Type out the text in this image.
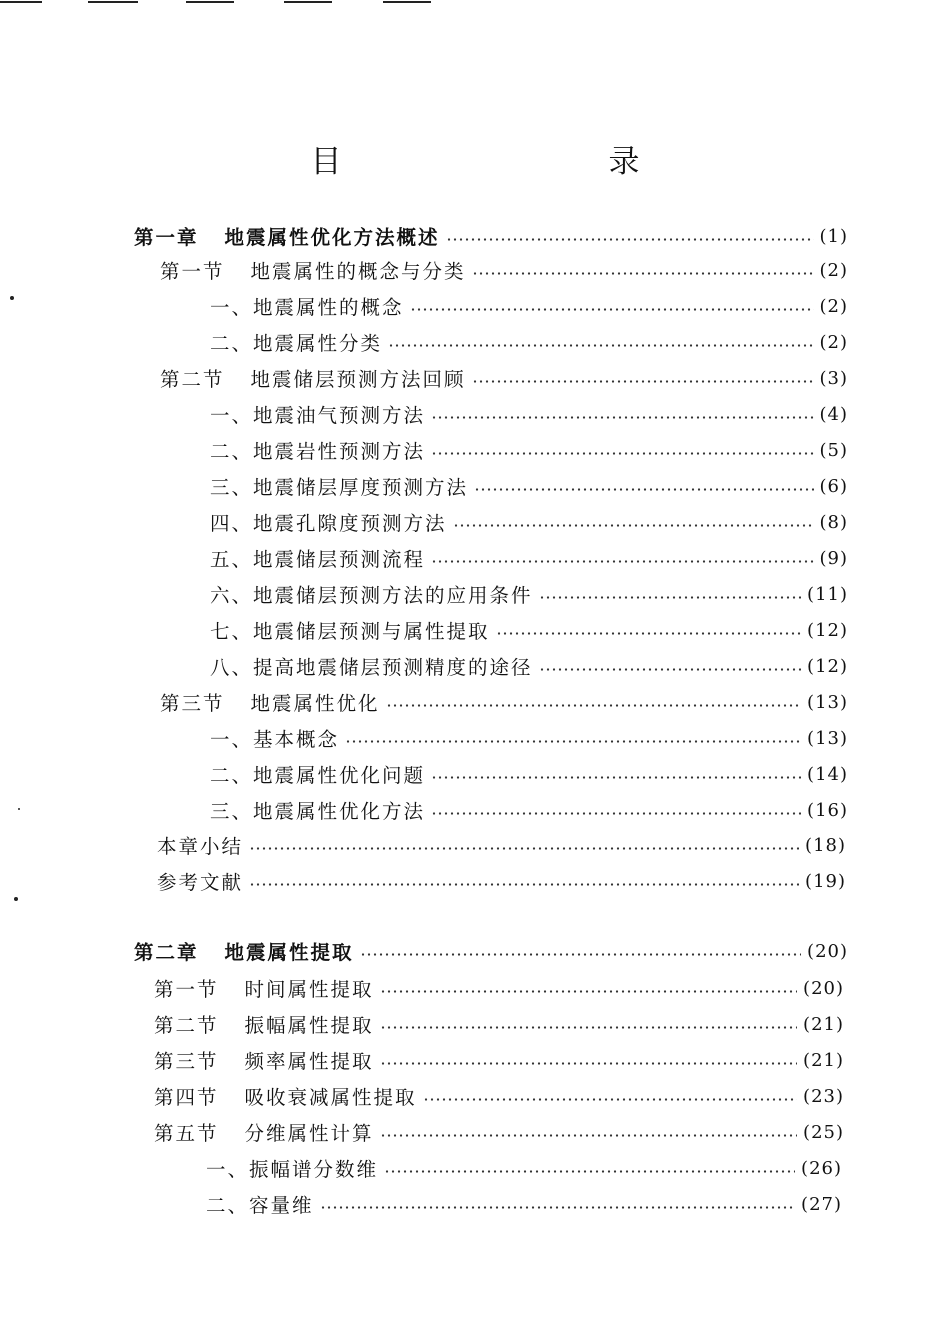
目　录
第一章 地震属性优化方法概述	(1)
第一节 地震属性的概念与分类	(2)
一、地震属性的概念	(2)
二、地震属性分类	(2)
第二节 地震储层预测方法回顾	(3)
一、地震油气预测方法	(4)
二、地震岩性预测方法	(5)
三、地震储层厚度预测方法	(6)
四、地震孔隙度预测方法	(8)
五、地震储层预测流程	(9)
六、地震储层预测方法的应用条件	(11)
七、地震储层预测与属性提取	(12)
八、提高地震储层预测精度的途径	(12)
第三节 地震属性优化	(13)
一、基本概念	(13)
二、地震属性优化问题	(14)
三、地震属性优化方法	(16)
本章小结	(18)
参考文献	(19)
第二章 地震属性提取	(20)
第一节 时间属性提取	(20)
第二节 振幅属性提取	(21)
第三节 频率属性提取	(21)
第四节 吸收衰减属性提取	(23)
第五节 分维属性计算	(25)
一、振幅谱分数维	(26)
二、容量维	(27)
